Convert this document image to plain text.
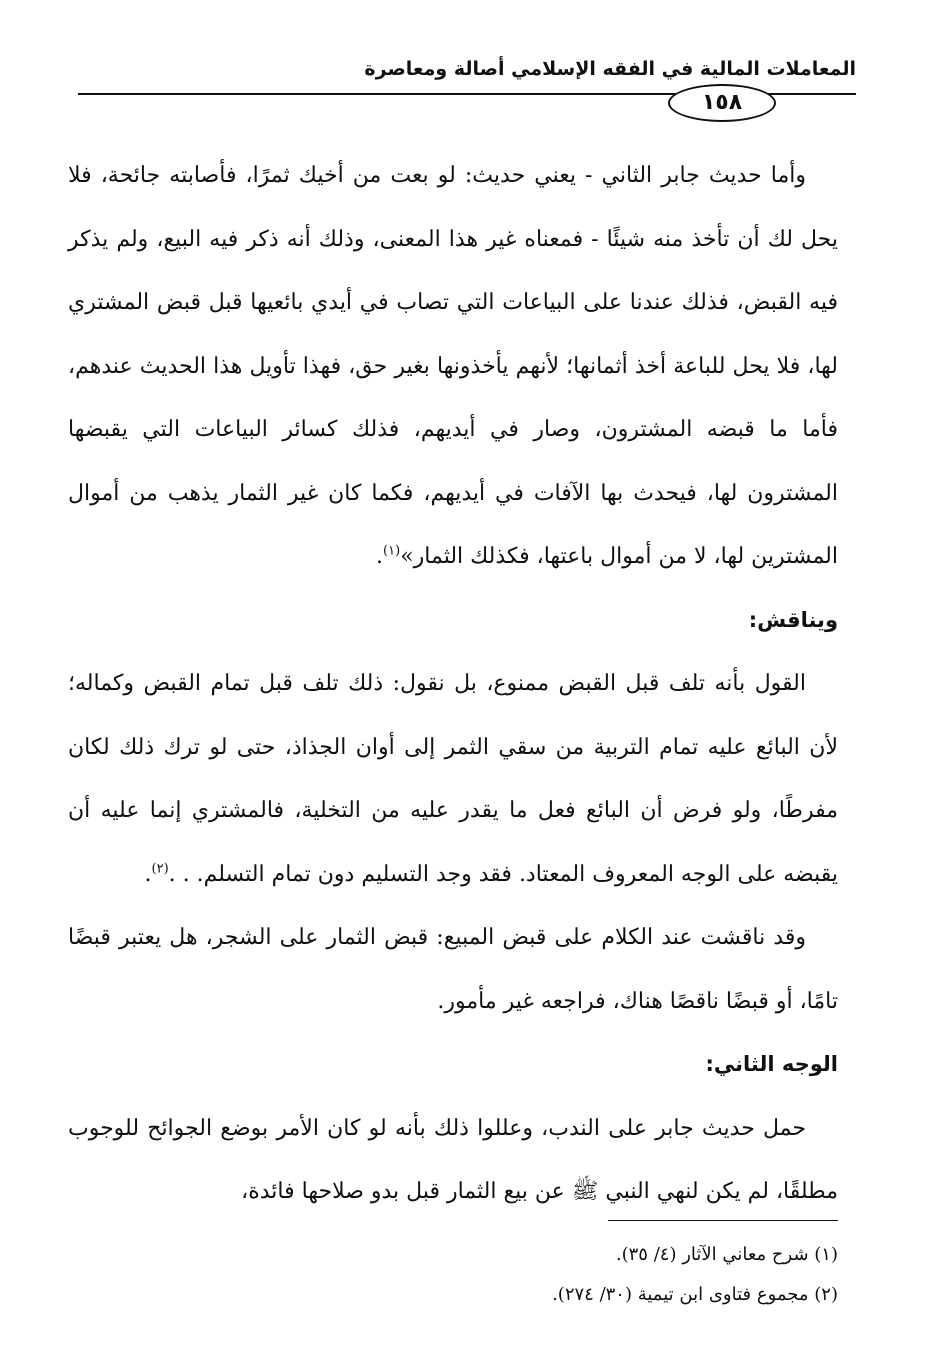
المعاملات المالية في الفقه الإسلامي أصالة ومعاصرة
١٥٨

وأما حديث جابر الثاني - يعني حديث: لو بعت من أخيك ثمرًا، فأصابته جائحة، فلا يحل لك أن تأخذ منه شيئًا - فمعناه غير هذا المعنى، وذلك أنه ذكر فيه البيع، ولم يذكر فيه القبض، فذلك عندنا على البياعات التي تصاب في أيدي بائعيها قبل قبض المشتري لها، فلا يحل للباعة أخذ أثمانها؛ لأنهم يأخذونها بغير حق، فهذا تأويل هذا الحديث عندهم، فأما ما قبضه المشترون، وصار في أيديهم، فذلك كسائر البياعات التي يقبضها المشترون لها، فيحدث بها الآفات في أيديهم، فكما كان غير الثمار يذهب من أموال المشترين لها، لا من أموال باعتها، فكذلك الثمار»$^{(١)}$.

ويناقش:

القول بأنه تلف قبل القبض ممنوع، بل نقول: ذلك تلف قبل تمام القبض وكماله؛ لأن البائع عليه تمام التربية من سقي الثمر إلى أوان الجذاذ، حتى لو ترك ذلك لكان مفرطًا، ولو فرض أن البائع فعل ما يقدر عليه من التخلية، فالمشتري إنما عليه أن يقبضه على الوجه المعروف المعتاد. فقد وجد التسليم دون تمام التسلم. . .$^{(٢)}$.

وقد ناقشت عند الكلام على قبض المبيع: قبض الثمار على الشجر، هل يعتبر قبضًا تامًا، أو قبضًا ناقصًا هناك، فراجعه غير مأمور.

الوجه الثاني:

حمل حديث جابر على الندب، وعللوا ذلك بأنه لو كان الأمر بوضع الجوائح للوجوب مطلقًا، لم يكن لنهي النبي ﷺ عن بيع الثمار قبل بدو صلاحها فائدة،

(١) شرح معاني الآثار (٤/ ٣٥).

(٢) مجموع فتاوى ابن تيمية (٣٠/ ٢٧٤).
